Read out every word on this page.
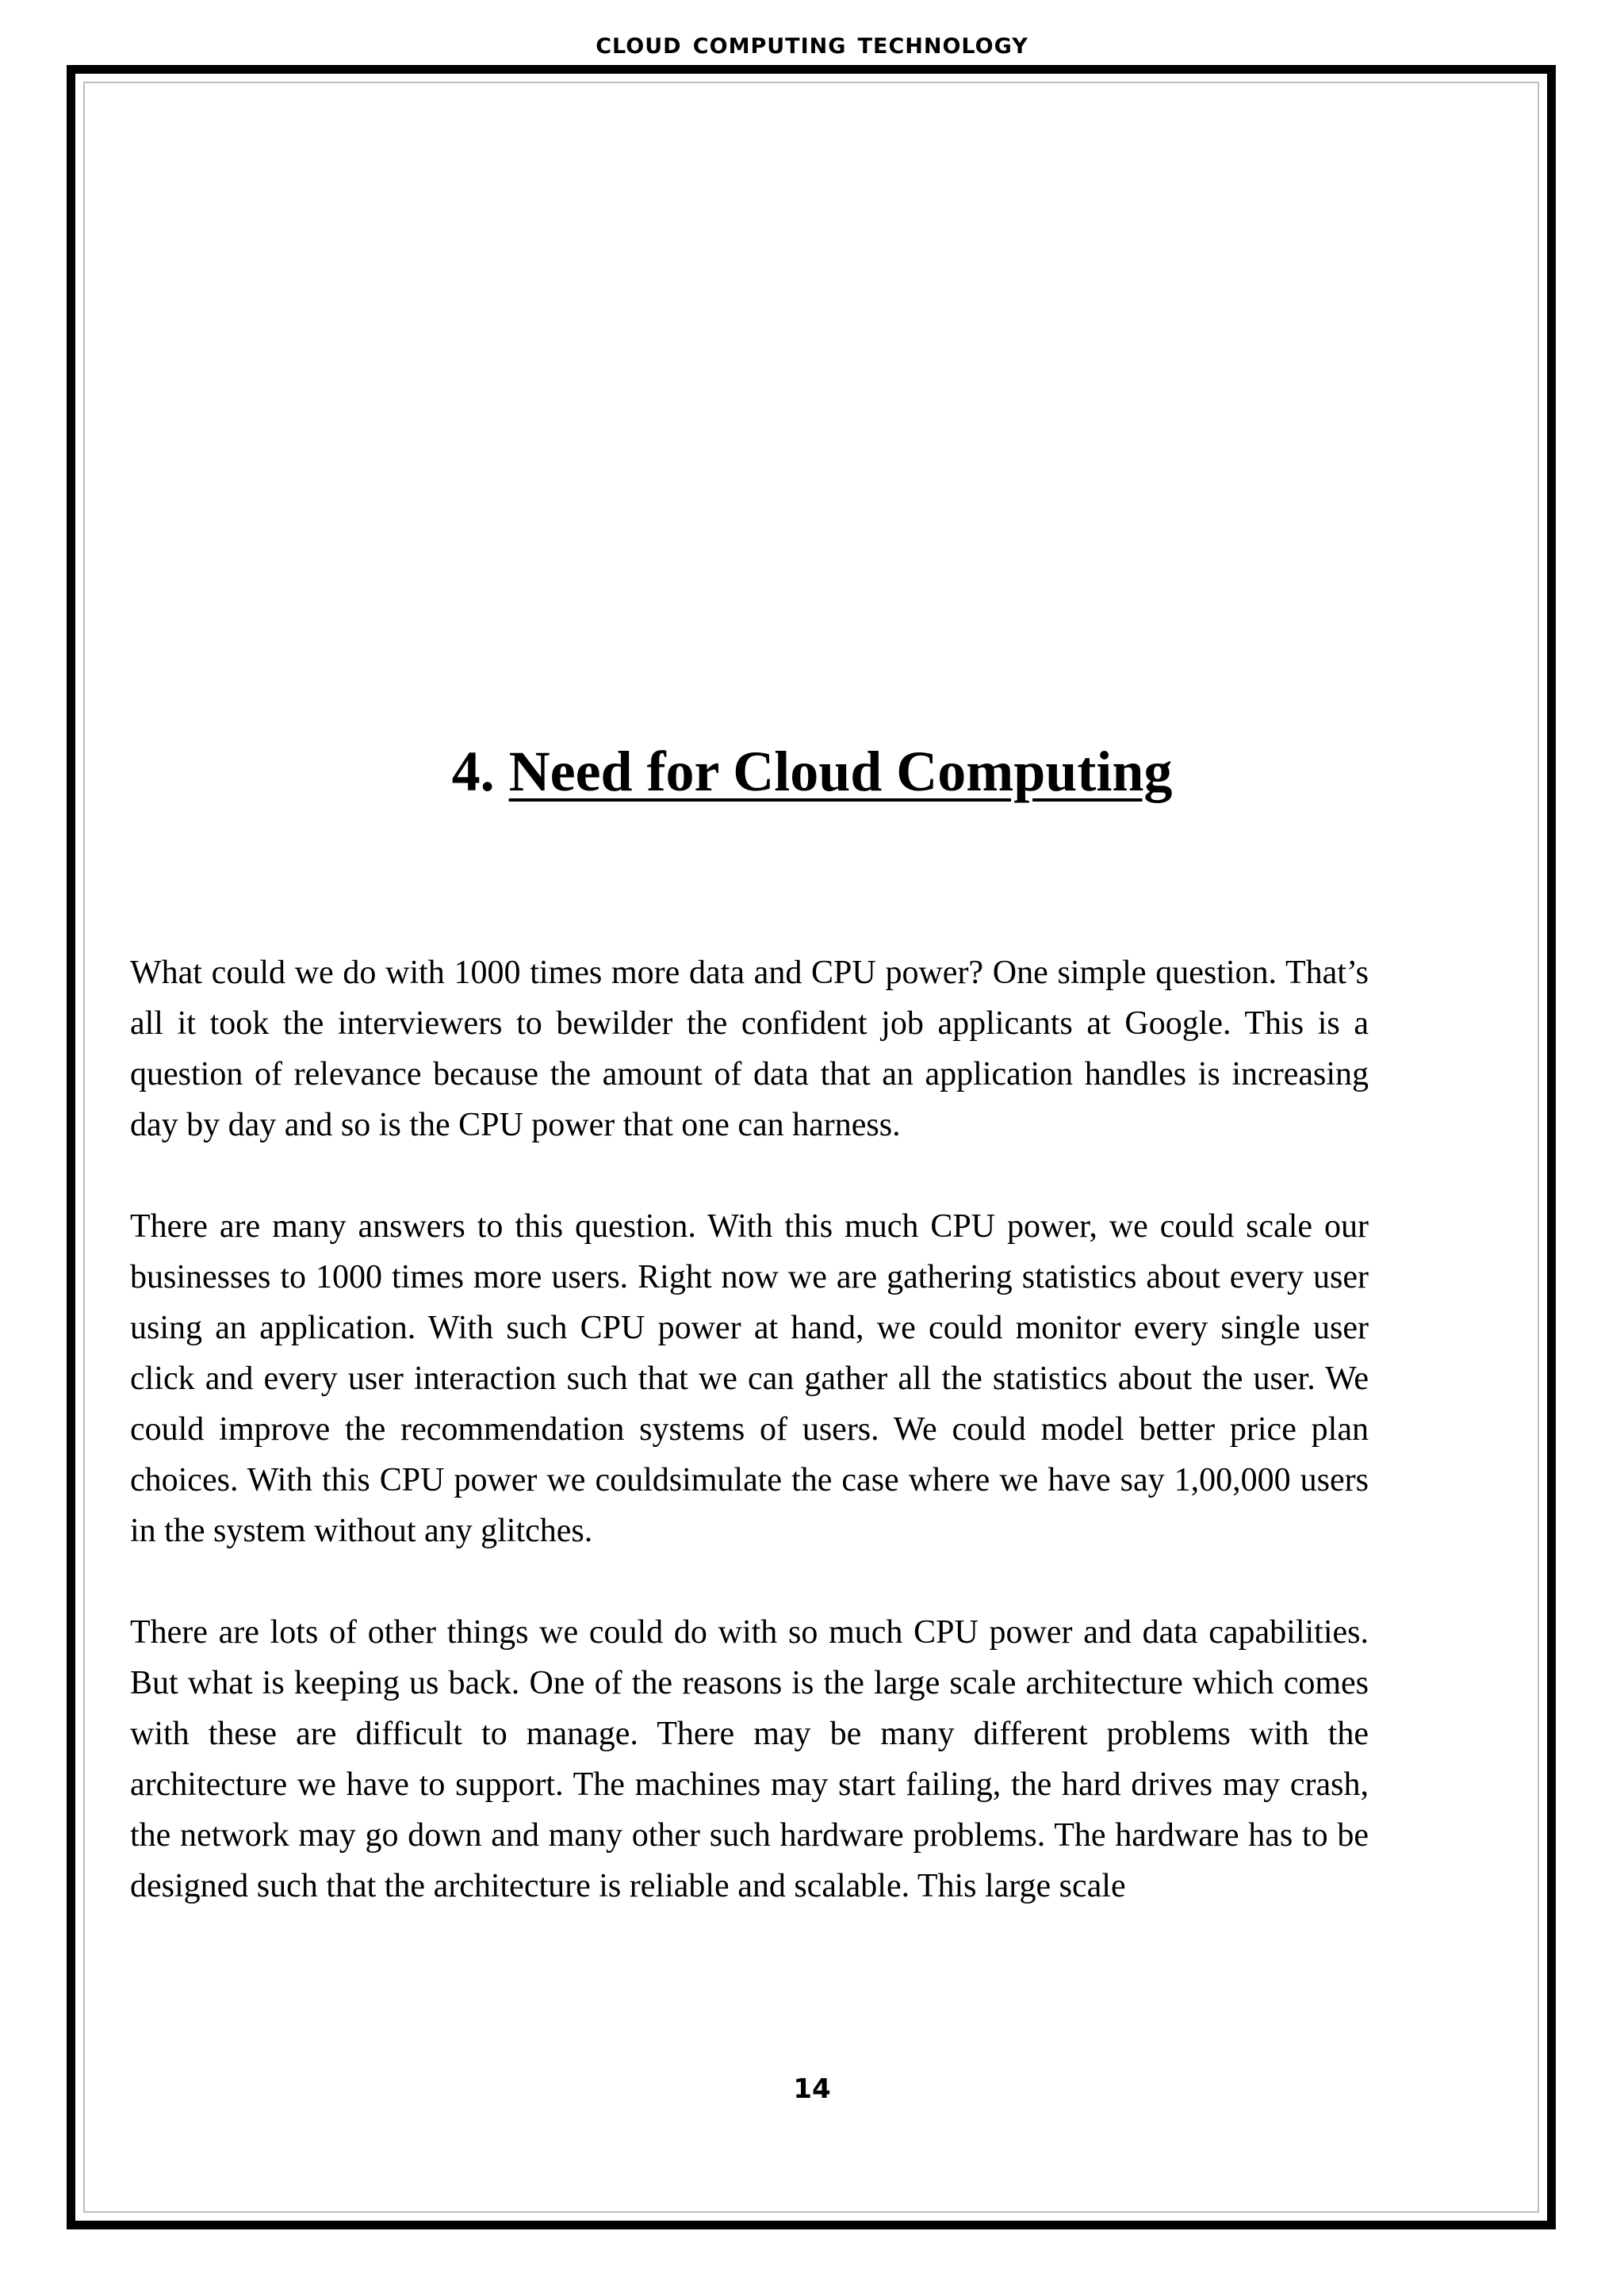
cloud computing technology
4. Need for Cloud Computing

What could we do with 1000 times more data and CPU power? One simple question. That’s all it took the interviewers to bewilder the confident job applicants at Google. This is a question of relevance because the amount of data that an application handles is increasing day by day and so is the CPU power that one can harness.

There are many answers to this question. With this much CPU power, we could scale our businesses to 1000 times more users. Right now we are gathering statistics about every user using an application. With such CPU power at hand, we could monitor every single user click and every user interaction such that we can gather all the statistics about the user. We could improve the recommendation systems of users. We could model better price plan choices. With this CPU power we couldsimulate the case where we have say 1,00,000 users in the system without any glitches.

There are lots of other things we could do with so much CPU power and data capabilities. But what is keeping us back. One of the reasons is the large scale architecture which comes with these are difficult to manage. There may be many different problems with the architecture we have to support. The machines may start failing, the hard drives may crash, the network may go down and many other such hardware problems. The hardware has to be designed such that the architecture is reliable and scalable. This large scale

14
